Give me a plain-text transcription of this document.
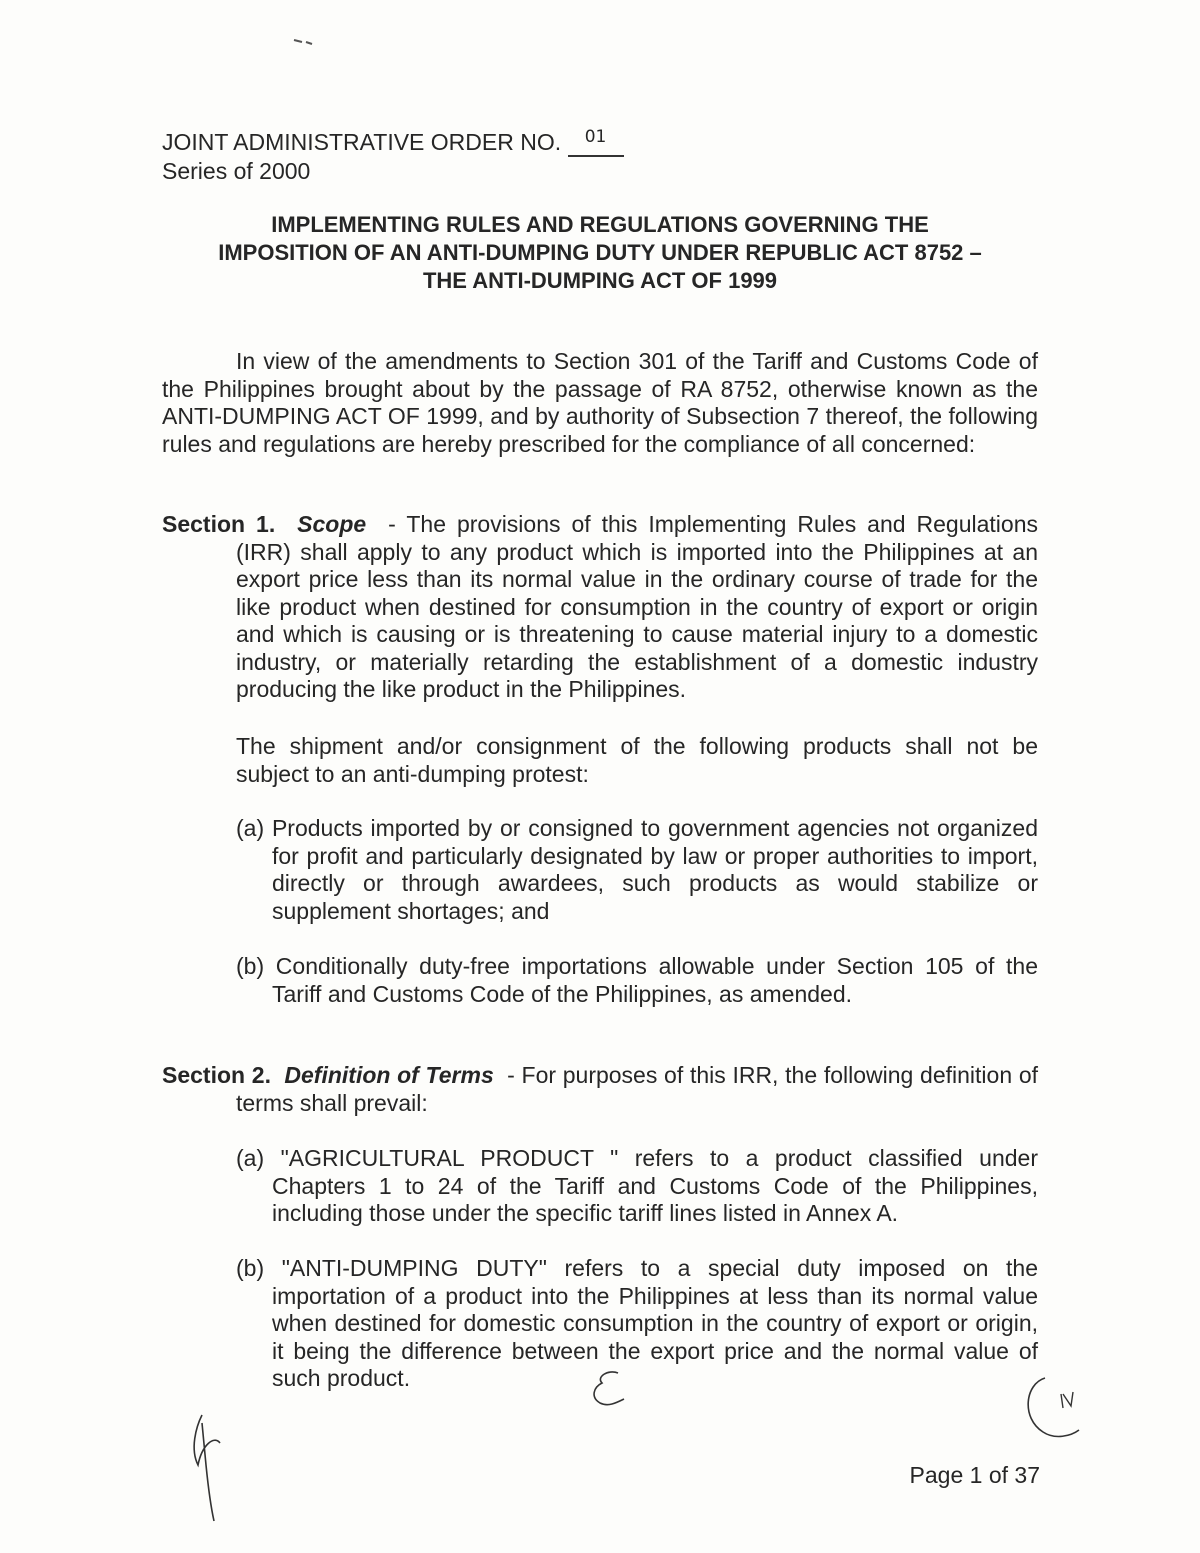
JOINT ADMINISTRATIVE ORDER NO. $^{01}$
Series of 2000
IMPLEMENTING RULES AND REGULATIONS GOVERNING THE
IMPOSITION OF AN ANTI-DUMPING DUTY UNDER REPUBLIC ACT 8752 –
THE ANTI-DUMPING ACT OF 1999
In view of the amendments to Section 301 of the Tariff and Customs Code of the Philippines brought about by the passage of RA 8752, otherwise known as the ANTI-DUMPING ACT OF 1999, and by authority of Subsection 7 thereof, the following rules and regulations are hereby prescribed for the compliance of all concerned:
Section 1. Scope  - The provisions of this Implementing Rules and Regulations (IRR) shall apply to any product which is imported into the Philippines at an export price less than its normal value in the ordinary course of trade for the like product when destined for consumption in the country of export or origin and which is causing or is threatening to cause material injury to a domestic industry, or materially retarding the establishment of a domestic industry producing the like product in the Philippines.
The shipment and/or consignment of the following products shall not be subject to an anti-dumping protest:
(a) Products imported by or consigned to government agencies not organized for profit and particularly designated by law or proper authorities to import, directly or through awardees, such products as would stabilize or supplement shortages; and
(b) Conditionally duty-free importations allowable under Section 105 of the Tariff and Customs Code of the Philippines, as amended.
Section 2. Definition of Terms  - For purposes of this IRR, the following definition of terms shall prevail:
(a) "AGRICULTURAL PRODUCT " refers to a product classified under Chapters 1 to 24 of the Tariff and Customs Code of the Philippines, including those under the specific tariff lines listed in Annex A.
(b) "ANTI-DUMPING DUTY" refers to a special duty imposed on the importation of a product into the Philippines at less than its normal value when destined for domestic consumption in the country of export or origin, it being the difference between the export price and the normal value of such product.
Page 1 of 37
